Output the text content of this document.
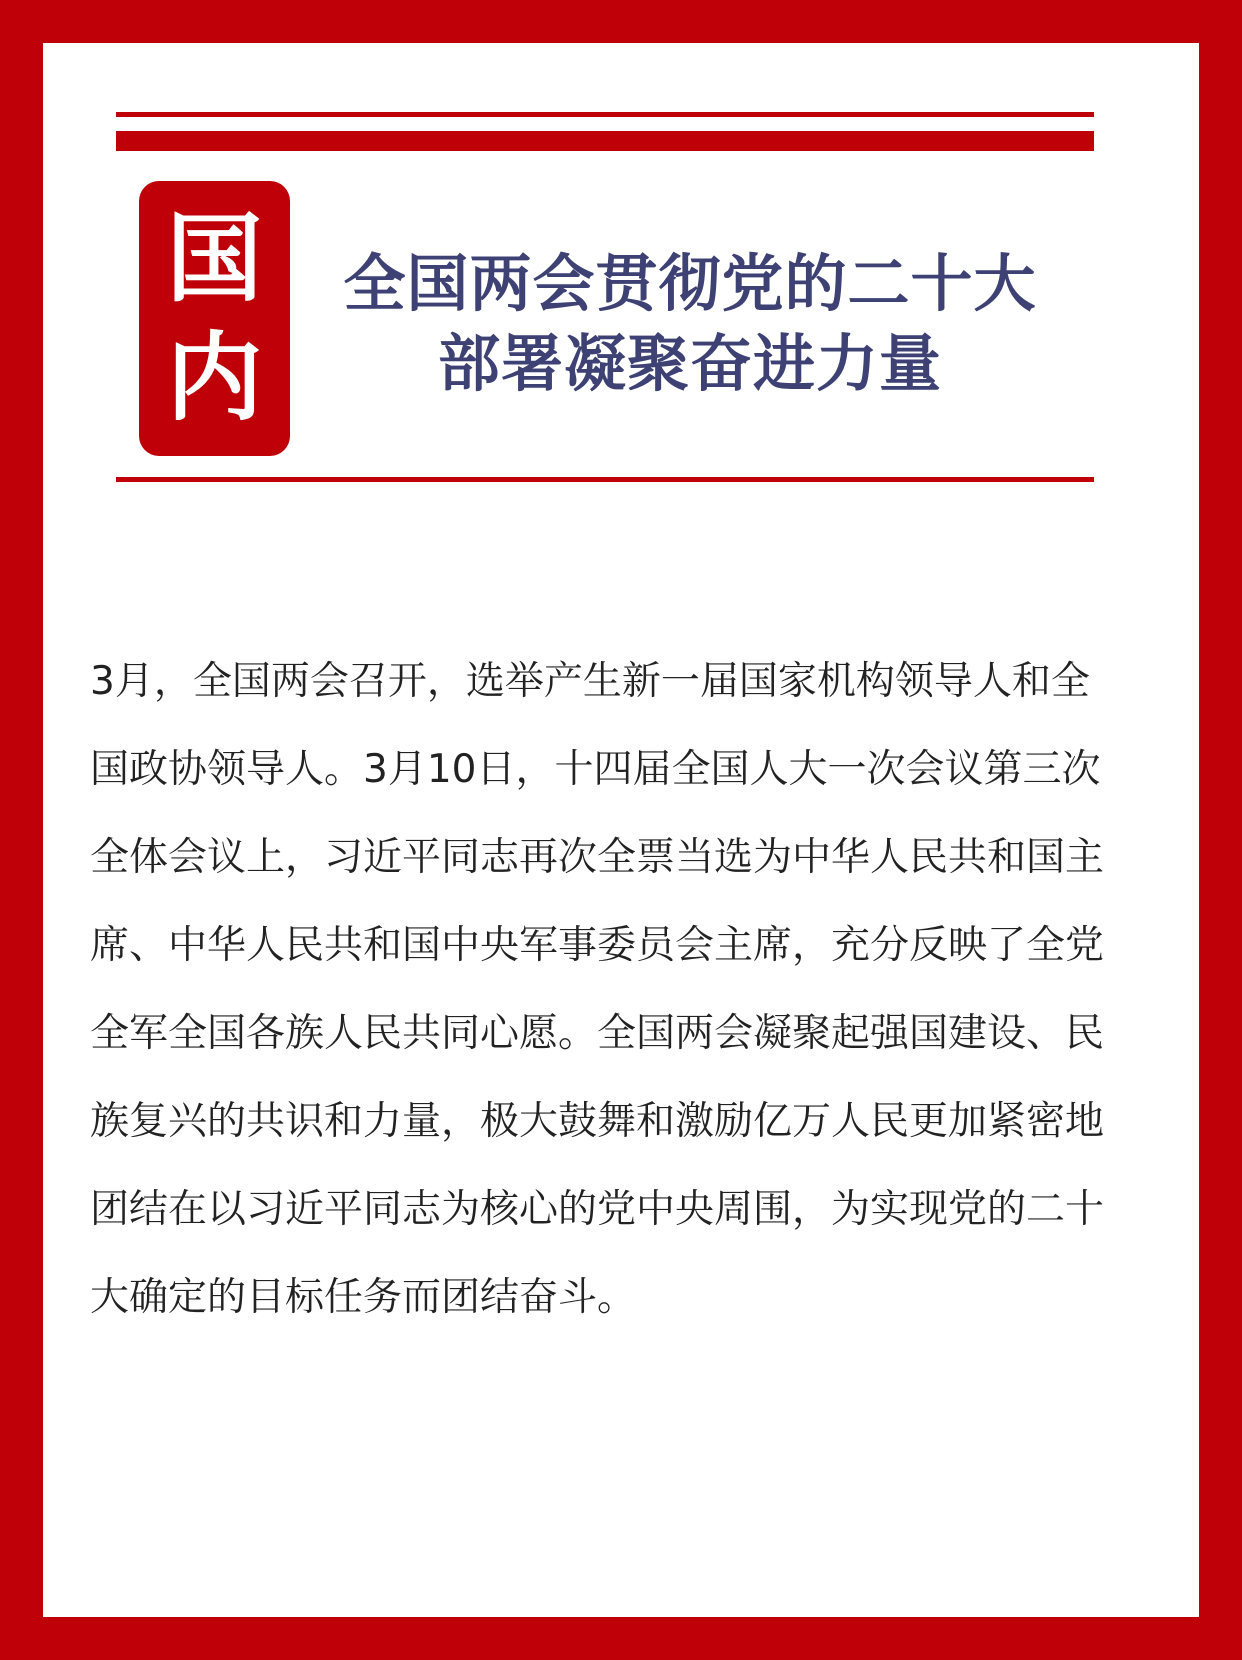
国
内
全国两会贯彻党的二十大
部署凝聚奋进力量
3月，全国两会召开，选举产生新一届国家机构领导人和全
国政协领导人。3月10日，十四届全国人大一次会议第三次
全体会议上，习近平同志再次全票当选为中华人民共和国主
席、中华人民共和国中央军事委员会主席，充分反映了全党
全军全国各族人民共同心愿。全国两会凝聚起强国建设、民
族复兴的共识和力量，极大鼓舞和激励亿万人民更加紧密地
团结在以习近平同志为核心的党中央周围，为实现党的二十
大确定的目标任务而团结奋斗。
